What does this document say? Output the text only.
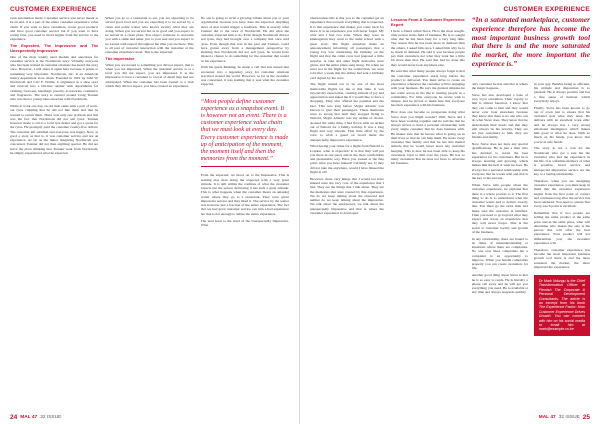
CUSTOMER EXPERIENCE

even automation made. Customer service was never meant to be an end, it is a part of the entire customer experience value chain. If you want to have customers, create good products and have good customer service but if you want to have raving fans, you need to move higher from the service to the experience.

The Expected, The Impressive and The Unexpectedly Impressive

One of the most widely used models and anecdotes for customer service is the Nordstrom story. Virtually everyone who has been trained in customer relations has heard the story once. However, I will share it again here because it points to something very important. Nordstrom, Inc. is an American luxury department store chain. Founded in 1901 by John W. Nordstrom and Carl F. Wallin, it originated as a shoe store and evolved into a full-line retailer with departments for clothing, footwear, handbags, jewelry, accessories, cosmetics, and fragrances. The story is centred around Craig Trenner who was then a young sales associate with Nordstrom.

While at work one day, an old man came with a pair of worn-out tyres claiming that he did not like them and that he wanted to return them. There was only one problem and that was the fact that Nordstrom did not sell tyres. Trenner however made a call to a local tyre dealer and got a quote for the tyres. He promptly paid the customer twenty-five dollars. The customer left satisfied and everyone was happy. Now, as good a story as that is, it was customer service and not an experience. As far as the minor misgiving Nordstrom was concerned, Trenner did not then anything special. He did not leave the place thinking that Trenner went from Nordstrom, he simply experienced what he expected.

When you go to a restaurant to eat, you are expecting to be served good food and you are expecting it to be served by a clean and polite waiter who knows exactly what they are doing. When you are served hot as in good and you expect to be served in a clean plate. You expect someone to welcome you with a smile and usher you to your seat and you expect to be treated with respect throughout the time you are there. This is all part of customer interaction with the customer at the customer experience level. This is the expected.

The Impressive

When you are treated to something you did not expect, that is when you are impressed. When the customer service is at a level you did not expect, you are impressed. It is the impressive to treat a customer to a level of detail they had not anticipated. When the customer has been treated to a visit which they did not expect, you have created an experience.

No one is going to write a glowing tribute about you or your organization because you have done the expected. Anything short of that would trigger a feedback. This is exactly what Trenner did to the store at Nordstrom. He did what the customer expected him to do. Even though Nordstrom did not sell tyres, they had brought over a company that once sold tyres. Even though that was in the past and Trenner, could have gotten away from a management perspective by insisting that Nordstrom did not sell tyres, he would have missed a chance to do something for the customer that would be his experience.

With his quick thinking, he made a call that has turned that encounter into a legendary story for customer relations practiced around the world. However, as far as the customer was concerned, it was nothing that it was what the customer expected.

“Most people define customer experience as a snapshot event. It is however not an event. There is a customer experience value chain that we must look at every day. Every customer experience is made up of anticipation of the moment, the moment itself and then the memories from the moment.”

From the expected, we move on to the Impressive. This is nothing else than doing the expected with a very great attitude. It is still within the confines of what the customer expects but the person delivering it has such a great attitude. This is what happens when the customer meets an amazing waiter where they go to a restaurant. They were given impressive service and they liked it. The service by the waiter was however just a fraction of the entire experience. The fact that we had great customer service can turn a bad experience but that is not enough to define the entire experience.

The next level is the level of the Unexpectedly Impressive. What

24 MAL 47 32 ISSUE
CUSTOMER EXPERIENCE

characterizes this is that you as the customer get an experience that exceeds everything that is expected. It is that experience that makes you come back for more. It is an experience you will never forget. My wife and I had two sons. When they were in kindergarten they went to the same school with a great story. The flight attendant made an announcement informing all passengers that a young boy was celebrating his birthday on the flight and that the cabin crew had prepared a little surprise. A cake and other flight delicacies were given, and the entire plane sang along. Yet when we were not in the flight for the celebration, we were told after a week that the airline had sent a birthday card signed by the crew.

The flight turned out to be one of the most memorable flights for me at that time. It was beyond my expectation, creating attitude of joy and appreciation and asked me if I would like to have a shopping. They also offered me pajamas and the best. This was long before Virgin Atlantic was known to give their passengers. These memories were so strong that until they stopped flying to Nairobi, Virgin Atlantic was my airline of choice. Around the same time, I had flown with an airline out of Nairobi for a family holiday. It was a long flight and very smooth. That little effort by the crew to wish a guest on board made the unexpectedly impressive experience.

What having your ticket for a flight from Nairobi to London, what is expected? It is that they will put you there in one piece and in the most comfortable and pleasurable way. Have you looked at the fine print, what you have missed? Certainly not. If they did not take me anywhere, would I have missed the flight at all?

However, those very things that I would not have missed were the very core of the experience that I had. They are the things that I talk about. They are the memories that were created by that experience. We do not keep talking about the expected and neither do we keep talking about the impressive. We talk about the unexpected, we talk about the unexpectedly impressive and that is where the customer experience is developed.

Lessons From A Customer Experience Expert

I have a friend called Steve. He is the most sought-after person in his field of business. He is so sought after that he has been busy for a very long time. The reason that he has been more in demand than the others, I asked him once. I asked him why he is so much in demand. He said it was because people pay their customers not what they want but a little bit more than that. He said that had he done this they would never look anywhere else.

He said that what many people always forget is that the customer experience starts long before the product is delivered. You must strive to create an experience whenever the customer will be engaging with your business. He says the greatest mistake he has come across in his life is treating people as a commodity. For him, everyone he works with is unique, and he strives to make sure that everyone has their experience with his business.

How does one become so prosperous doing what Steve does you might wonder? Well, Steve and I have been working together and he told me that he always strives to have a personal relationship with every single customer that he does business with. He makes sure that he knows what is going on in their lives so that he can help them. He treats every customer like family and that he has this mental attitude that he would never leave any customer hanging. This is how he has been able to keep his customers loyal to him over the years. He has so many customers that he does not have to advertise his business.

“In a saturated marketplace, customer experience therefore has become the most important business growth tool that there is and the more saturated the market, the more important the experience is.”

only customer he has and that is where the magic happens.

Steve has also developed a base of very loyal customers. Their loyalty to him is almost fanatical. I know that they can come to him and they would never ever look elsewhere because they know that there is no one who can do what Steve does. They know that he understands their needs and that they will always be his priority. They are not just customers to him, they are friends and family.

Now, Steve does not have any special qualifications. He is just a man who has decided to create the best experience for his customers. But he is always learning and growing, which makes him the best at what he does. He always has a personal relationship with everyone that he works with and that is the key to his success.

When Steve tells people about the customer experience, he explains that there is a whole process to it. The first thing to do is to understand what the customer wants and to deliver exactly that. You must go the extra mile and make sure the customer is satisfied. Then you need to go beyond what they expect and create an experience that they will never forget. That is the secret to customer loyalty and growth of the business.

In any relationship, there are bound to be times of misunderstanding or situations where there are complaints. No one ever likes complaints but a complaint is an opportunity to improve. When you handle complaints properly you can create customers for life.

Another good thing about Steve is that he is so easy to reach. He is literally a phone call away and he will get you everything you need. He is available at any time and always responds quickly.

in your guy. Besides being so efficient, his attitude and disposition is so pleasant. He is always positive and has a fine sense of humour which everybody enjoys.

Finally, Steve has been known to go out of town just to ensure that his customer gets what they need. He delivers with an excellent work ethic and he always has a very strong emotional intelligence which makes him good at what he does. With so much on his hands, you know that you're in safe hands.

The story is not a win for the Nordstrom who got a sale but the customer who had the experience in his life. It is a lifetime memory of what is possible. Great service and unexpected impressive service are the key to a lasting relationship.

Therefore, when you are designing customer experience, you must keep in mind that the customer experience begins from the first point of contact and continues long after the service has been rendered. You need to ensure that every touch point is excellent.

Remember that if two people are selling the same product at the same price and in the same place, what will determine who makes the sale is the person that will offer the best experience. Your product will not differentiate you; the customer experience will.

Therefore, customer experience has become the most important business growth tool there is and the more saturated the market, the more important the experience.

Dr Mark Ndungu is the Chief Transformation Officer at Flemish The Corporate & Personal Development Consultants. The article is an excerpt from his book The Experience Factor: How Customer Experience Drives Growth. You can connect with him on his social media or email him at mark@example.co.ke
MAL 47 32 ISSUE 25
